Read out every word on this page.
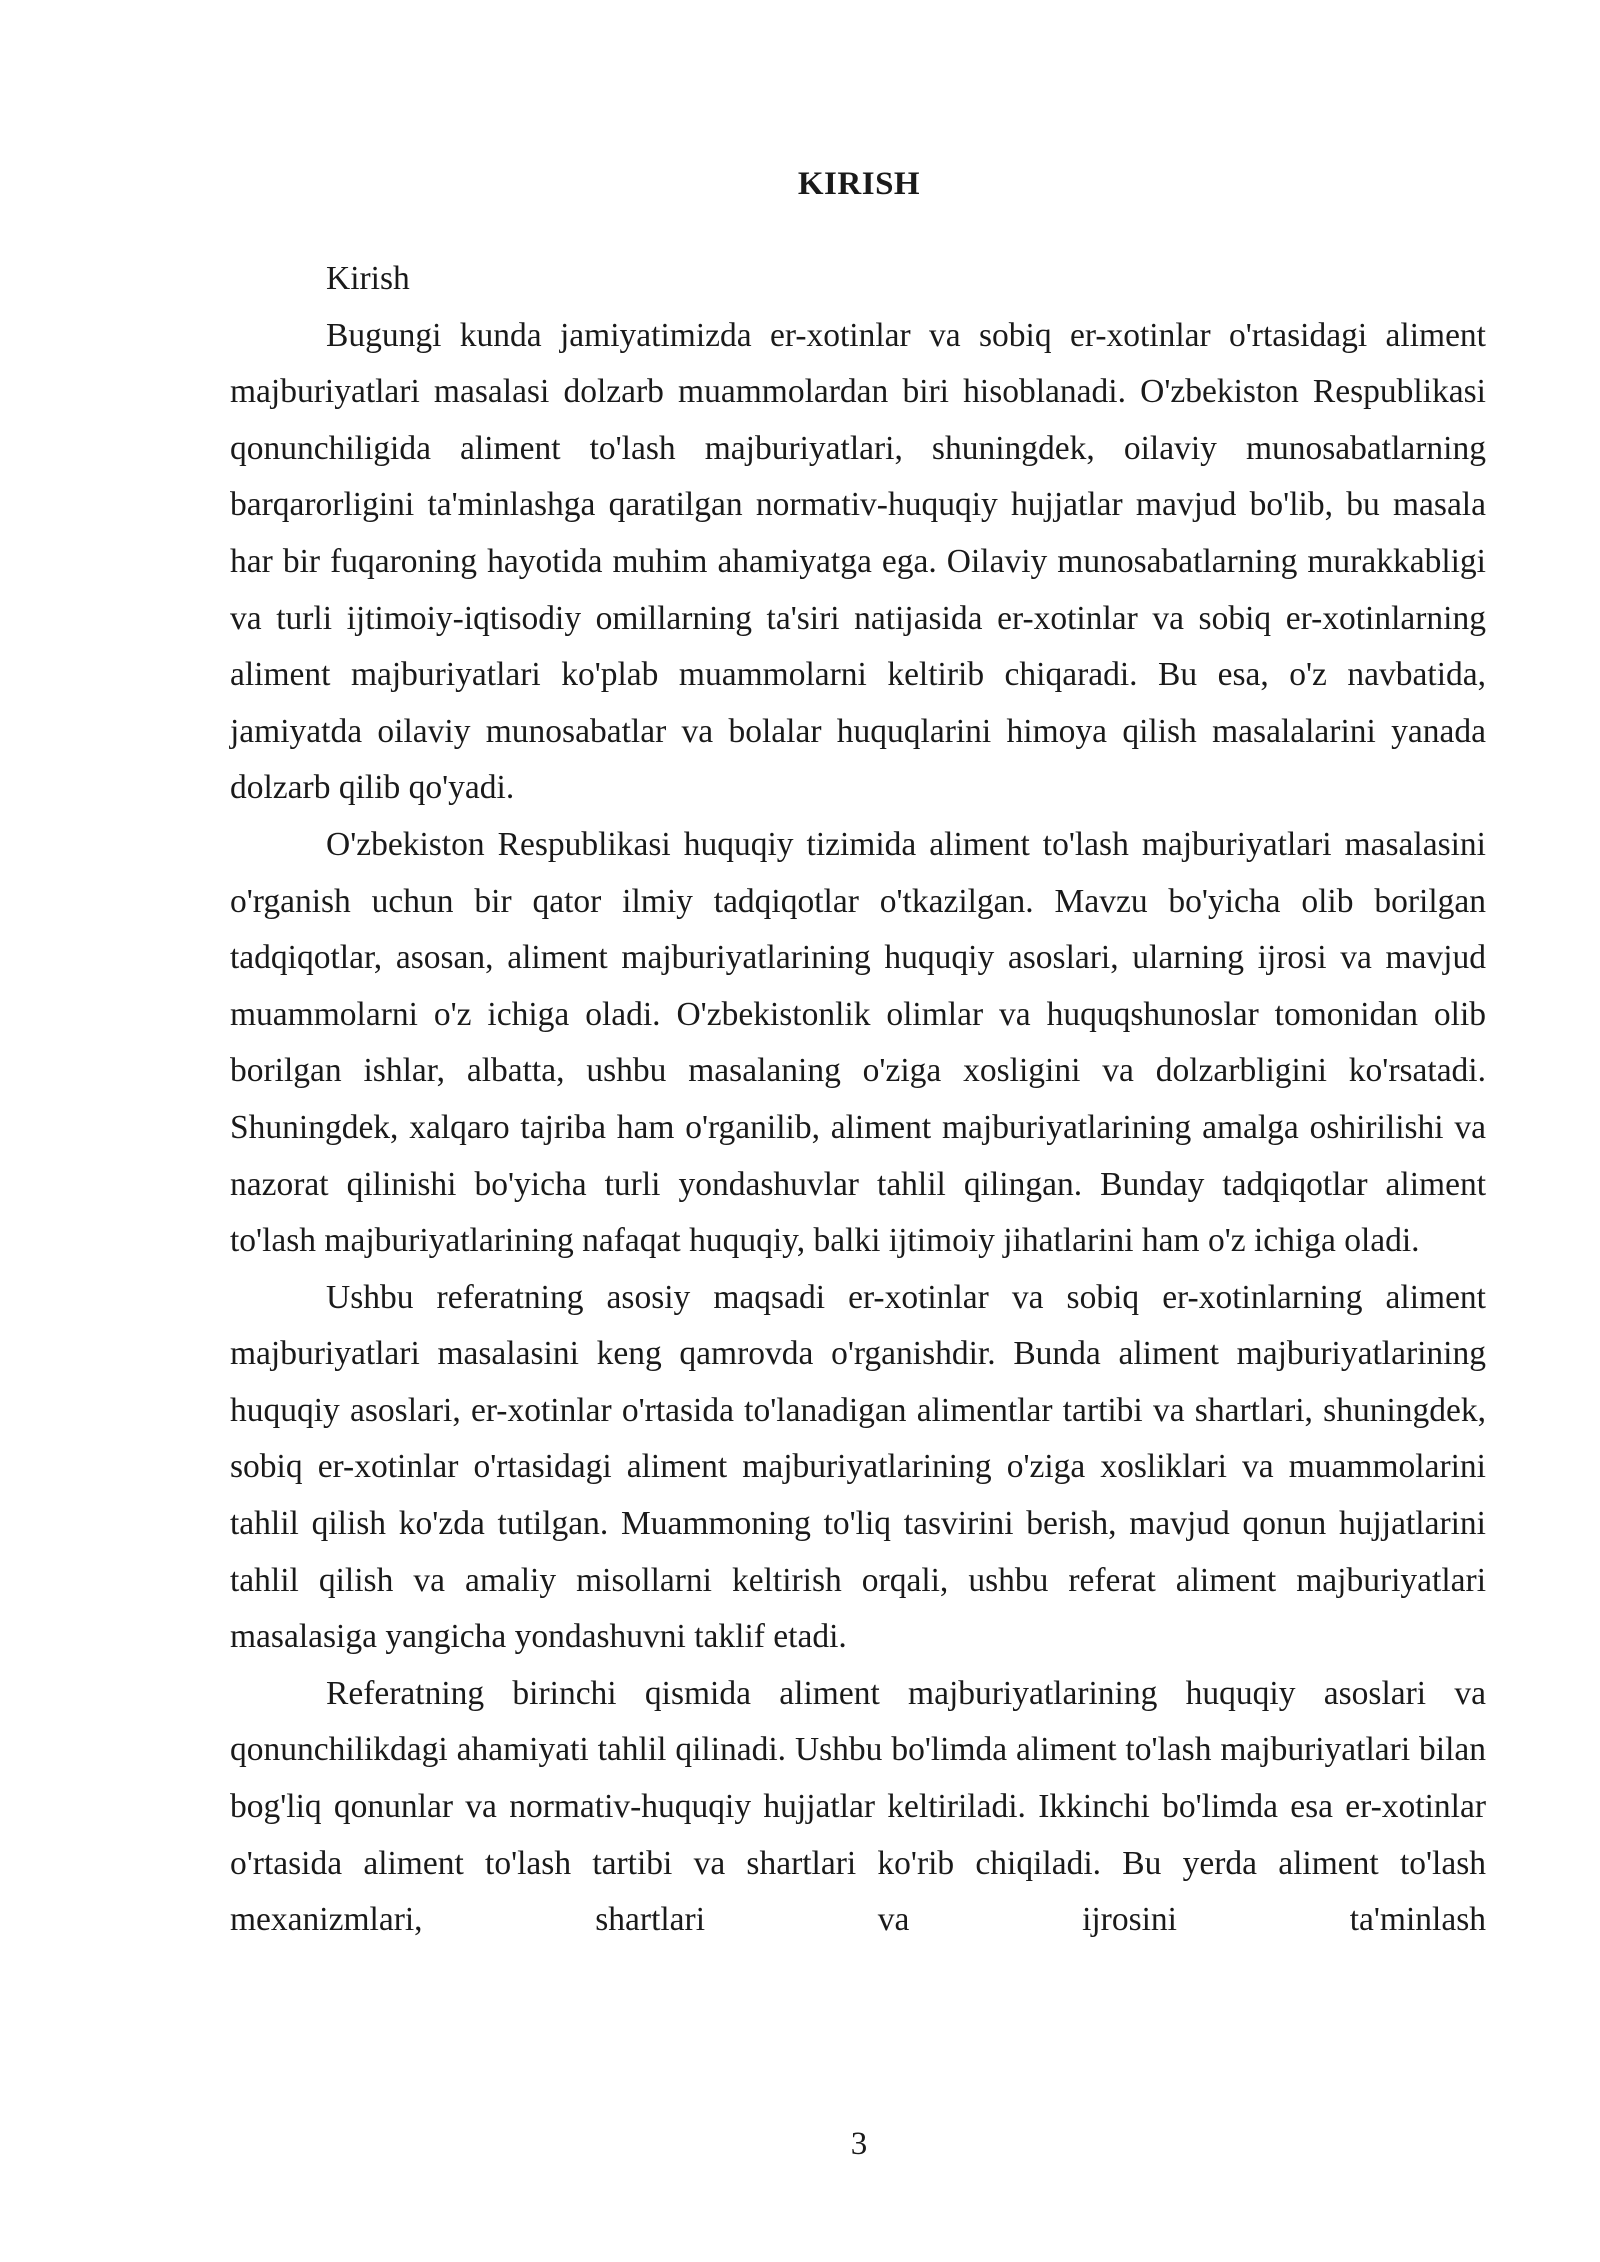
KIRISH

Kirish

Bugungi kunda jamiyatimizda er-xotinlar va sobiq er-xotinlar o'rtasidagi aliment majburiyatlari masalasi dolzarb muammolardan biri hisoblanadi. O'zbekiston Respublikasi qonunchiligida aliment to'lash majburiyatlari, shuningdek, oilaviy munosabatlarning barqarorligini ta'minlashga qaratilgan normativ-huquqiy hujjatlar mavjud bo'lib, bu masala har bir fuqaroning hayotida muhim ahamiyatga ega. Oilaviy munosabatlarning murakkabligi va turli ijtimoiy-iqtisodiy omillarning ta'siri natijasida er-xotinlar va sobiq er-xotinlarning aliment majburiyatlari ko'plab muammolarni keltirib chiqaradi. Bu esa, o'z navbatida, jamiyatda oilaviy munosabatlar va bolalar huquqlarini himoya qilish masalalarini yanada dolzarb qilib qo'yadi.

O'zbekiston Respublikasi huquqiy tizimida aliment to'lash majburiyatlari masalasini o'rganish uchun bir qator ilmiy tadqiqotlar o'tkazilgan. Mavzu bo'yicha olib borilgan tadqiqotlar, asosan, aliment majburiyatlarining huquqiy asoslari, ularning ijrosi va mavjud muammolarni o'z ichiga oladi. O'zbekistonlik olimlar va huquqshunoslar tomonidan olib borilgan ishlar, albatta, ushbu masalaning o'ziga xosligini va dolzarbligini ko'rsatadi. Shuningdek, xalqaro tajriba ham o'rganilib, aliment majburiyatlarining amalga oshirilishi va nazorat qilinishi bo'yicha turli yondashuvlar tahlil qilingan. Bunday tadqiqotlar aliment to'lash majburiyatlarining nafaqat huquqiy, balki ijtimoiy jihatlarini ham o'z ichiga oladi.

Ushbu referatning asosiy maqsadi er-xotinlar va sobiq er-xotinlarning aliment majburiyatlari masalasini keng qamrovda o'rganishdir. Bunda aliment majburiyatlarining huquqiy asoslari, er-xotinlar o'rtasida to'lanadigan alimentlar tartibi va shartlari, shuningdek, sobiq er-xotinlar o'rtasidagi aliment majburiyatlarining o'ziga xosliklari va muammolarini tahlil qilish ko'zda tutilgan. Muammoning to'liq tasvirini berish, mavjud qonun hujjatlarini tahlil qilish va amaliy misollarni keltirish orqali, ushbu referat aliment majburiyatlari masalasiga yangicha yondashuvni taklif etadi.

Referatning birinchi qismida aliment majburiyatlarining huquqiy asoslari va qonunchilikdagi ahamiyati tahlil qilinadi. Ushbu bo'limda aliment to'lash majburiyatlari bilan bog'liq qonunlar va normativ-huquqiy hujjatlar keltiriladi. Ikkinchi bo'limda esa er-xotinlar o'rtasida aliment to'lash tartibi va shartlari ko'rib chiqiladi. Bu yerda aliment to'lash mexanizmlari, shartlari va ijrosini ta'minlash

3
